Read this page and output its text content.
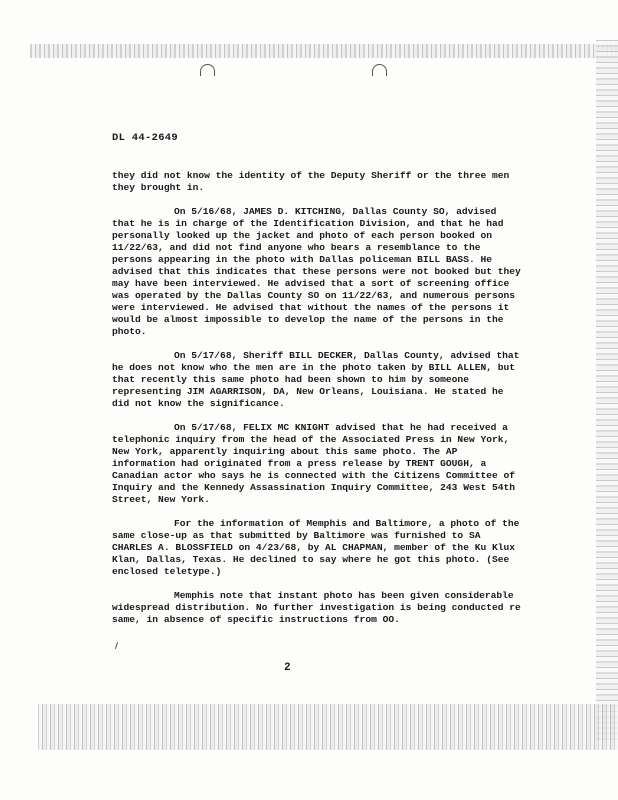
DL 44-2649

they did not know the identity of the Deputy Sheriff or the three men they brought in.

On 5/16/68, JAMES D. KITCHING, Dallas County SO, advised that he is in charge of the Identification Division, and that he had personally looked up the jacket and photo of each person booked on 11/22/63, and did not find anyone who bears a resemblance to the persons appearing in the photo with Dallas policeman BILL BASS. He advised that this indicates that these persons were not booked but they may have been interviewed. He advised that a sort of screening office was operated by the Dallas County SO on 11/22/63, and numerous persons were interviewed. He advised that without the names of the persons it would be almost impossible to develop the name of the persons in the photo.

On 5/17/68, Sheriff BILL DECKER, Dallas County, advised that he does not know who the men are in the photo taken by BILL ALLEN, but that recently this same photo had been shown to him by someone representing JIM AGARRISON, DA, New Orleans, Louisiana. He stated he did not know the significance.

On 5/17/68, FELIX MC KNIGHT advised that he had received a telephonic inquiry from the head of the Associated Press in New York, New York, apparently inquiring about this same photo. The AP information had originated from a press release by TRENT GOUGH, a Canadian actor who says he is connected with the Citizens Committee of Inquiry and the Kennedy Assassination Inquiry Committee, 243 West 54th Street, New York.

For the information of Memphis and Baltimore, a photo of the same close-up as that submitted by Baltimore was furnished to SA CHARLES A. BLOSSFIELD on 4/23/68, by AL CHAPMAN, member of the Ku Klux Klan, Dallas, Texas. He declined to say where he got this photo. (See enclosed teletype.)

Memphis note that instant photo has been given considerable widespread distribution. No further investigation is being conducted re same, in absence of specific instructions from OO.

2
